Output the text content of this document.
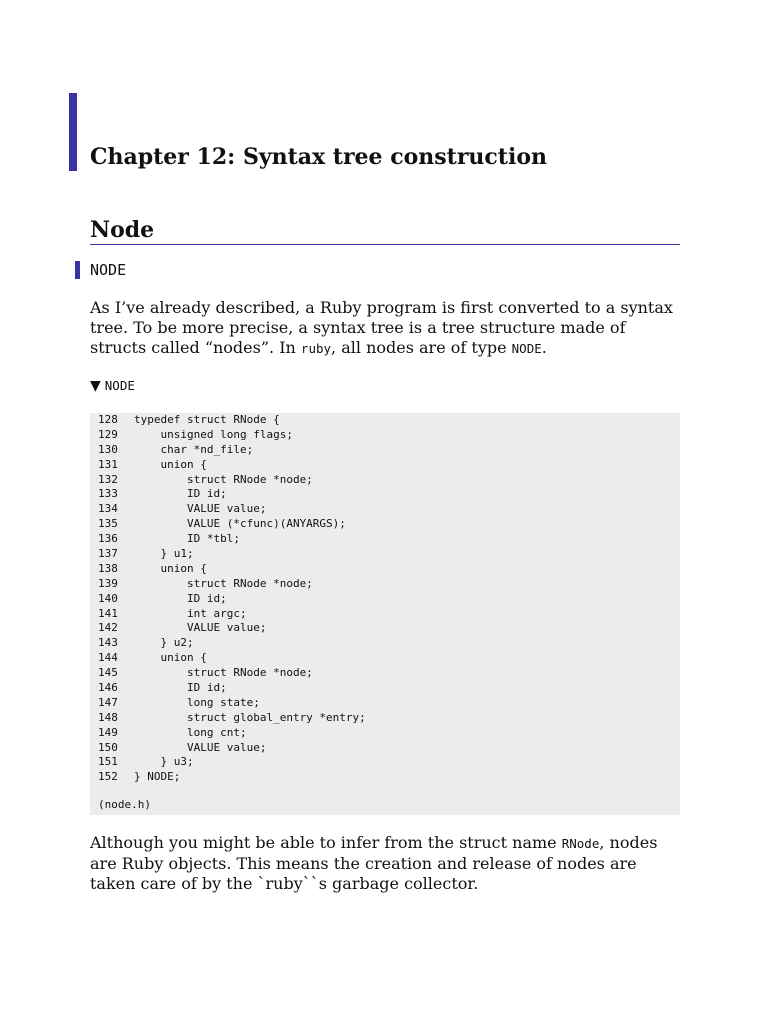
Chapter 12: Syntax tree construction
Node
NODE

As I’ve already described, a Ruby program is first converted to a syntax tree. To be more precise, a syntax tree is a tree structure made of structs called “nodes”. In ruby, all nodes are of type NODE.

▼ NODE
128 typedef struct RNode {
129    unsigned long flags;
130    char *nd_file;
131    union {
132        struct RNode *node;
133        ID id;
134        VALUE value;
135        VALUE (*cfunc)(ANYARGS);
136        ID *tbl;
137    } u1;
138    union {
139        struct RNode *node;
140        ID id;
141        int argc;
142        VALUE value;
143    } u2;
144    union {
145        struct RNode *node;
146        ID id;
147        long state;
148        struct global_entry *entry;
149        long cnt;
150        VALUE value;
151    } u3;
152 } NODE;
(node.h)

Although you might be able to infer from the struct name RNode, nodes are Ruby objects. This means the creation and release of nodes are taken care of by the `ruby``s garbage collector.
